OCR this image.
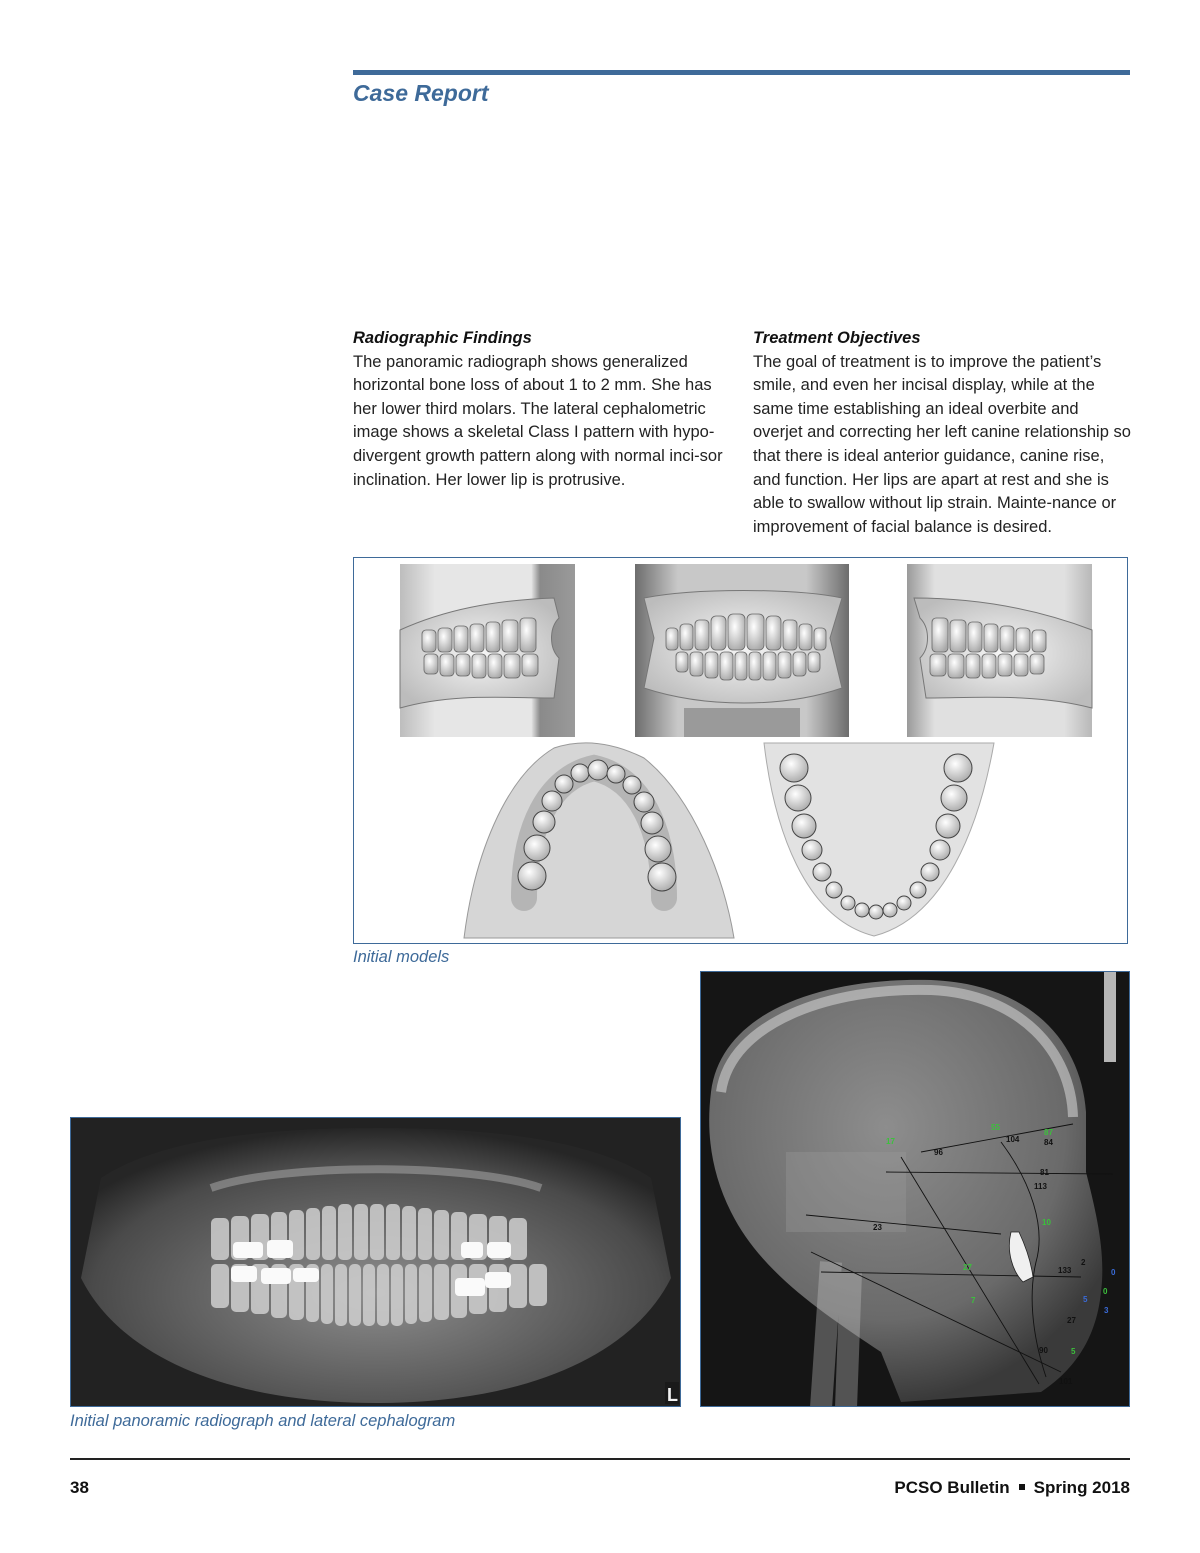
Case Report
Radiographic Findings

The panoramic radiograph shows generalized horizontal bone loss of about 1 to 2 mm. She has her lower third molars. The lateral cephalometric image shows a skeletal Class I pattern with hypo-divergent growth pattern along with normal inci-sor inclination. Her lower lip is protrusive.

Treatment Objectives

The goal of treatment is to improve the patient’s smile, and even her incisal display, while at the same time establishing an ideal overbite and overjet and correcting her left canine relationship so that there is ideal anterior guidance, canine rise, and function. Her lips are apart at rest and she is able to swallow without lip strain. Mainte-nance or improvement of facial balance is desired.

Initial models
17
55
87
104	84
96
81
113
10
23
133
2
27
7
27
90	5
101
0
0
5
3
L
Initial panoramic radiograph and lateral cephalogram
38	PCSO Bulletin Spring 2018
